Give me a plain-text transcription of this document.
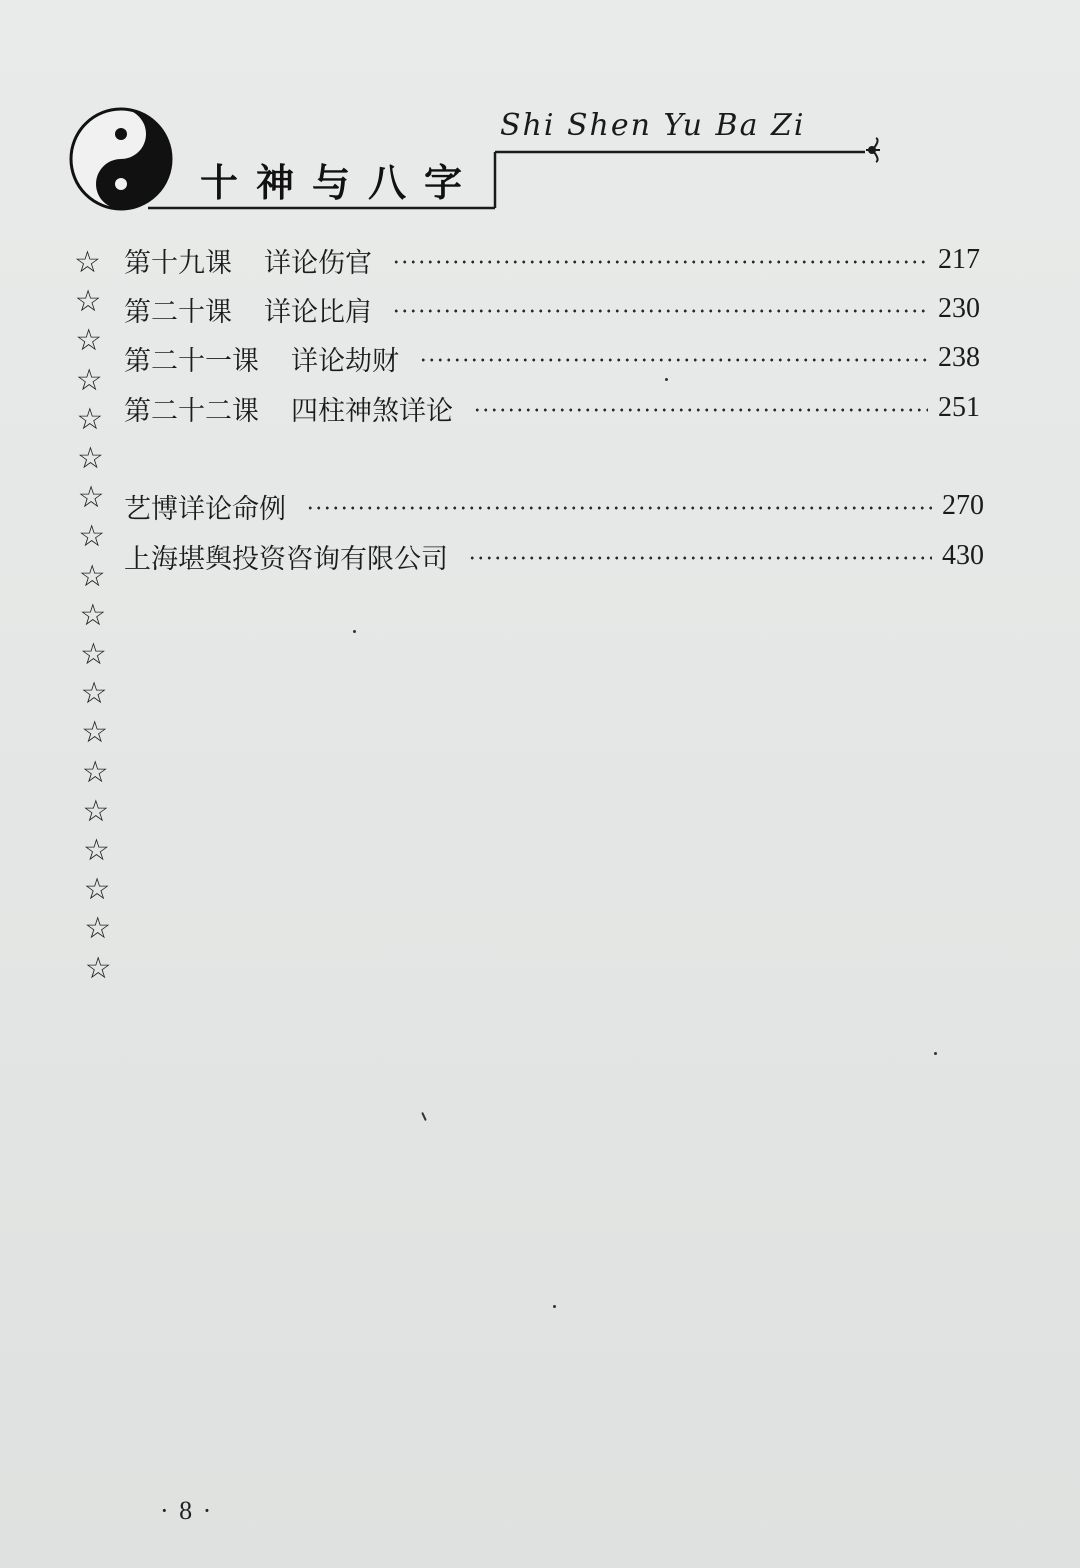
十神与八字
Shi Shen Yu Ba Zi
☆
☆
☆
☆
☆
☆
☆
☆
☆
☆
☆
☆
☆
☆
☆
☆
☆
☆
☆
第十九课 详论伤官	217
第二十课 详论比肩	230
第二十一课 详论劫财	238
第二十二课 四柱神煞详论	251
艺博详论命例	270
上海堪舆投资咨询有限公司	430
· 8 ·
